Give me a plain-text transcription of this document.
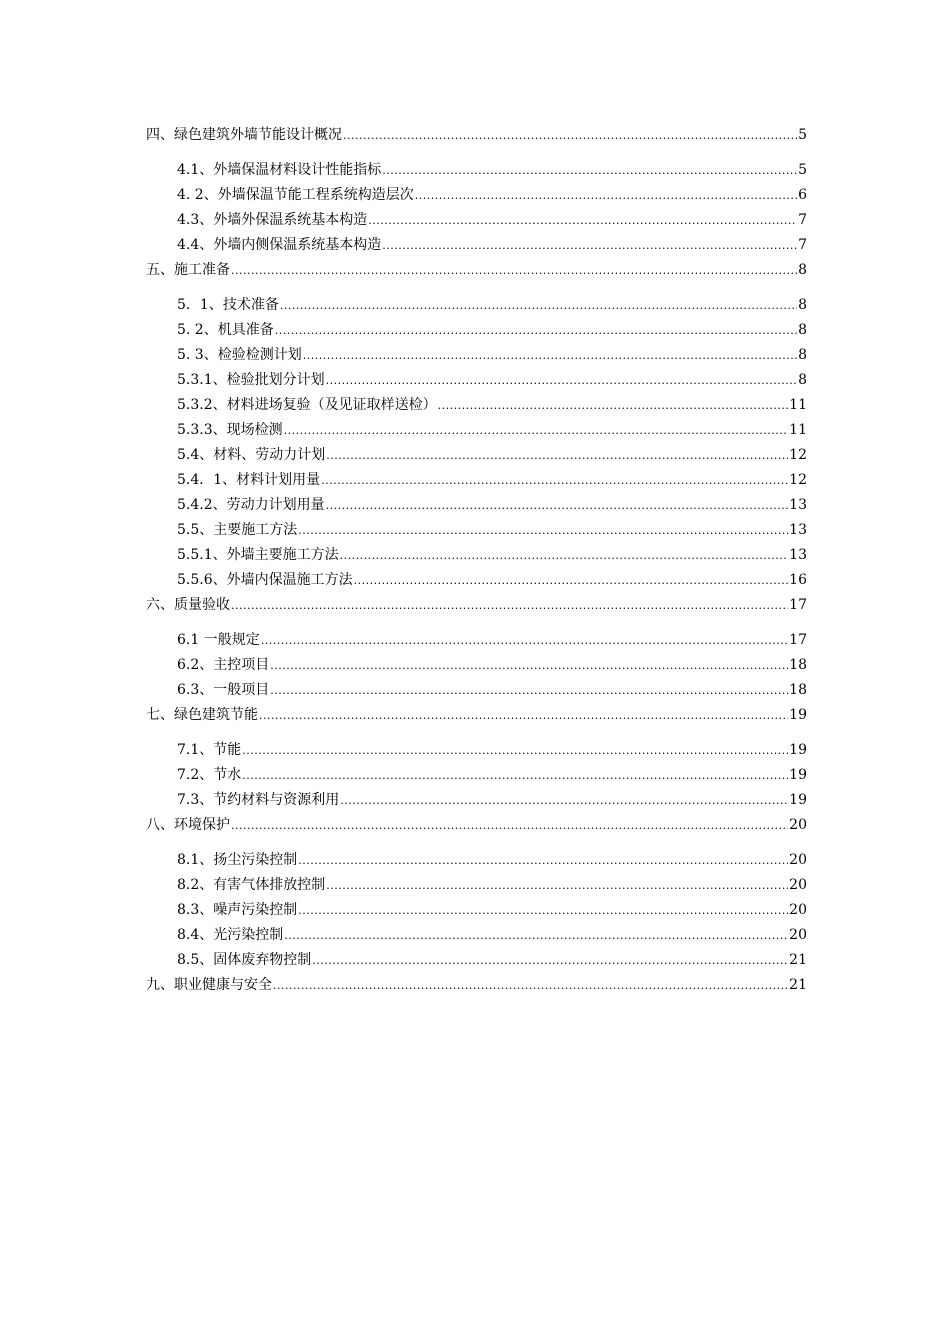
四、绿色建筑外墙节能设计概况 .....	5
4.1、外墙保温材料设计性能指标 .....	5
4. 2、外墙保温节能工程系统构造层次 .....	6
4.3、外墙外保温系统基本构造 .....	7
4.4、外墙内侧保温系统基本构造 .....	7
五、施工准备 .....	8
5．1、技术准备 .....	8
5. 2、机具准备 .....	8
5. 3、检验检测计划 .....	8
5.3.1、检验批划分计划 .....	8
5.3.2、材料进场复验（及见证取样送检） .....	11
5.3.3、现场检测 .....	11
5.4、材料、劳动力计划 .....	12
5.4．1、材料计划用量 .....	12
5.4.2、劳动力计划用量 .....	13
5.5、主要施工方法 .....	13
5.5.1、外墙主要施工方法 .....	13
5.5.6、外墙内保温施工方法 .....	16
六、质量验收 .....	17
6.1 一般规定 .....	17
6.2、主控项目 .....	18
6.3、一般项目 .....	18
七、绿色建筑节能 .....	19
7.1、节能 .....	19
7.2、节水 .....	19
7.3、节约材料与资源利用 .....	19
八、环境保护 .....	20
8.1、扬尘污染控制 .....	20
8.2、有害气体排放控制 .....	20
8.3、噪声污染控制 .....	20
8.4、光污染控制 .....	20
8.5、固体废弃物控制 .....	21
九、职业健康与安全 .....	21
